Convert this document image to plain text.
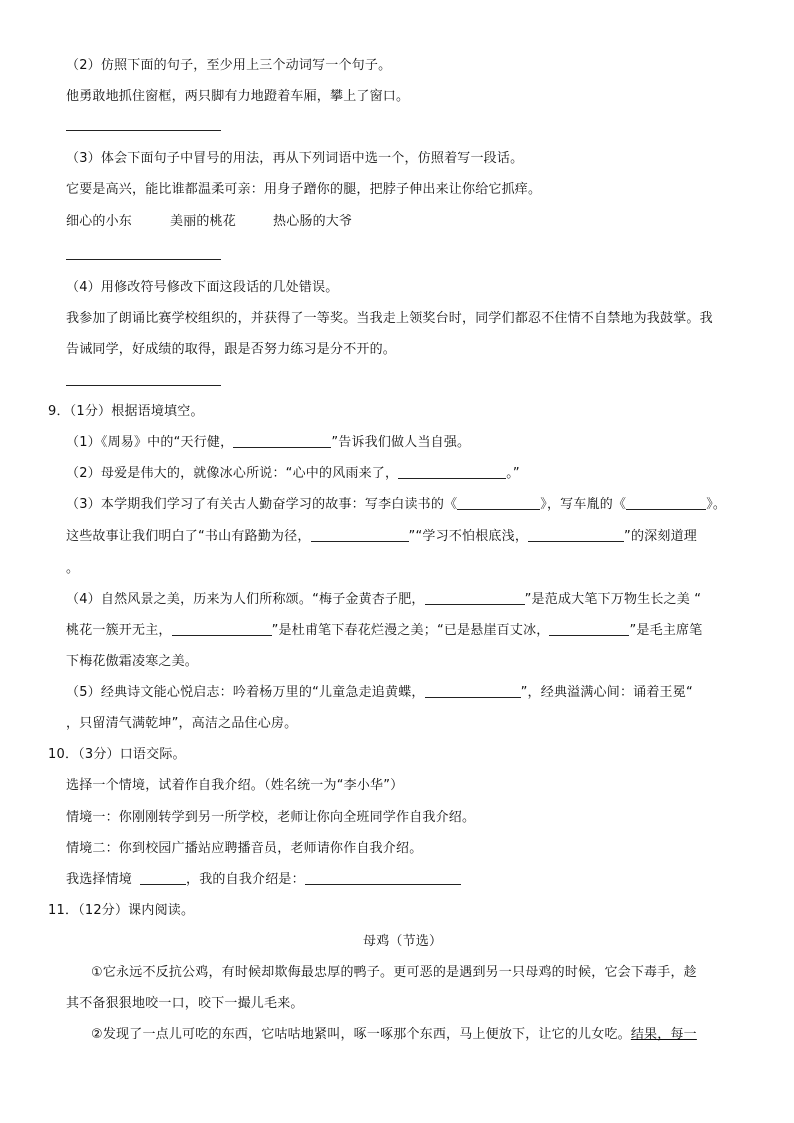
（2）仿照下面的句子，至少用上三个动词写一个句子。
他勇敢地抓住窗框，两只脚有力地蹬着车厢，攀上了窗口。
（3）体会下面句子中冒号的用法，再从下列词语中选一个，仿照着写一段话。
它要是高兴，能比谁都温柔可亲：用身子蹭你的腿，把脖子伸出来让你给它抓痒。
细心的小东	美丽的桃花	热心肠的大爷
（4）用修改符号修改下面这段话的几处错误。
我参加了朗诵比赛学校组织的，并获得了一等奖。当我走上领奖台时，同学们都忍不住情不自禁地为我鼓掌。我
告诫同学，好成绩的取得，跟是否努力练习是分不开的。
9．（1分）根据语境填空。
（1）《周易》中的“天行健，	”告诉我们做人当自强。
（2）母爱是伟大的，就像冰心所说：“心中的风雨来了，	。”
（3）本学期我们学习了有关古人勤奋学习的故事：写李白读书的《	》，写车胤的《	》。
这些故事让我们明白了“书山有路勤为径，	”“学习不怕根底浅，	”的深刻道理
。
（4）自然风景之美，历来为人们所称颂。“梅子金黄杏子肥，	”是范成大笔下万物生长之美 “
桃花一簇开无主，	”是杜甫笔下春花烂漫之美；“已是悬崖百丈冰，	”是毛主席笔
下梅花傲霜凌寒之美。
（5）经典诗文能心悦启志：吟着杨万里的“儿童急走追黄蝶，	”，经典溢满心间：诵着王冕“
，只留清气满乾坤”，高洁之品住心房。
10．（3分）口语交际。
选择一个情境，试着作自我介绍。（姓名统一为“李小华”）
情境一：你刚刚转学到另一所学校，老师让你向全班同学作自我介绍。
情境二：你到校园广播站应聘播音员，老师请你作自我介绍。
我选择情境	，我的自我介绍是：
11．（12分）课内阅读。
母鸡（节选）
①它永远不反抗公鸡，有时候却欺侮最忠厚的鸭子。更可恶的是遇到另一只母鸡的时候，它会下毒手，趁
其不备狠狠地咬一口，咬下一撮儿毛来。
②发现了一点儿可吃的东西，它咕咕地紧叫，啄一啄那个东西，马上便放下，让它的儿女吃。结果，每一
